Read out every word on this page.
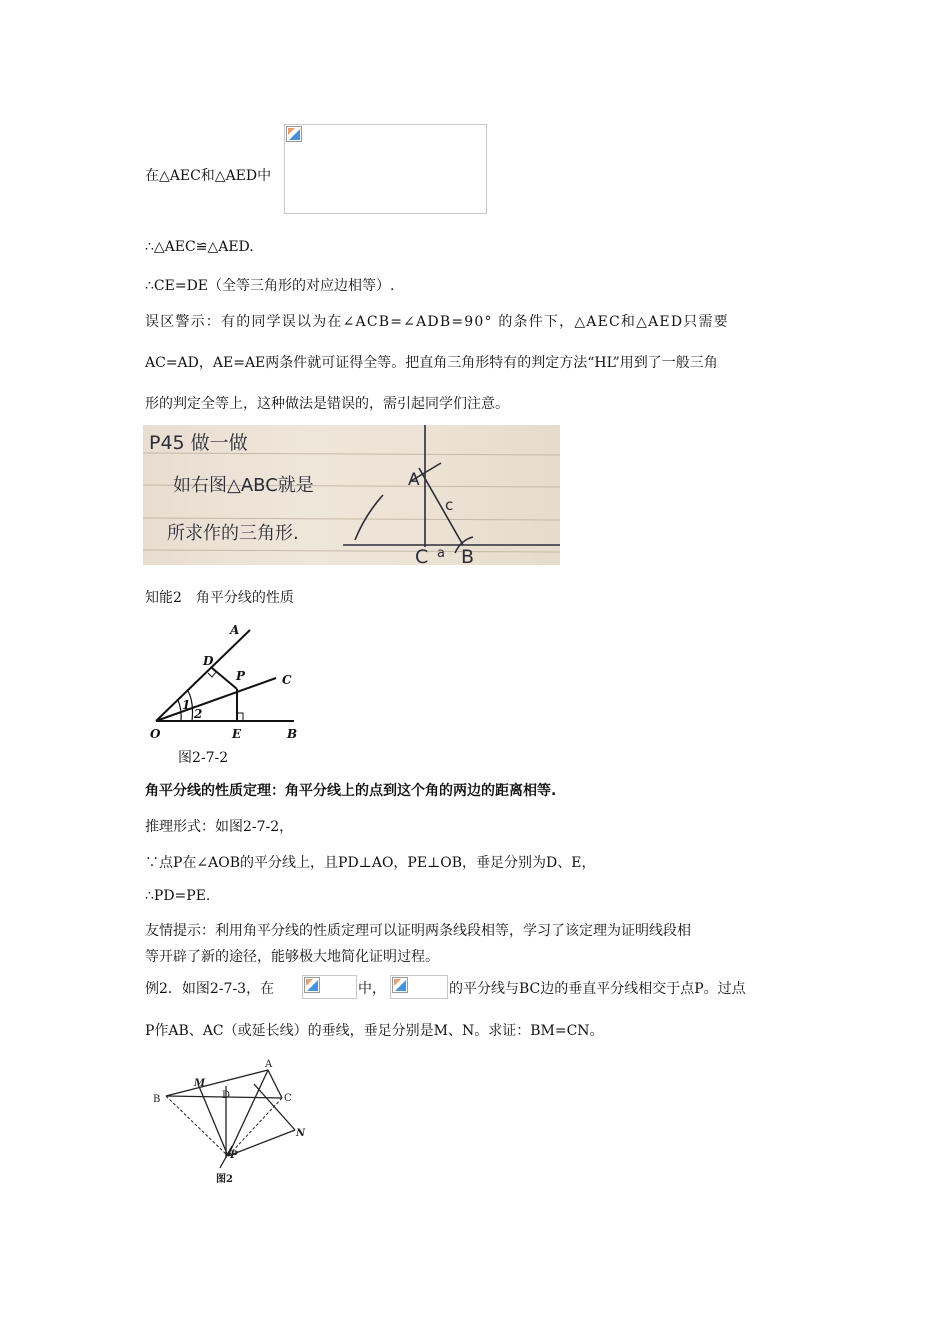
在△AEC和△AED中
∴△AEC≌△AED.
∴CE=DE（全等三角形的对应边相等）.
误区警示：有的同学误以为在∠ACB=∠ADB=90° 的条件下，△AEC和△AED只需要
AC=AD，AE=AE两条件就可证得全等。把直角三角形特有的判定方法“HL”用到了一般三角
形的判定全等上，这种做法是错误的，需引起同学们注意。
P45 做一做
如右图△ABC就是
所求作的三角形.
A
c
C a B
知能2　角平分线的性质
A
D
P	C
1
2
O	E	B
图2-7-2
角平分线的性质定理：角平分线上的点到这个角的两边的距离相等.
推理形式：如图2-7-2，
∵点P在∠AOB的平分线上，且PD⊥AO，PE⊥OB，垂足分别为D、E，
∴PD=PE.
友情提示：利用角平分线的性质定理可以证明两条线段相等，学习了该定理为证明线段相
等开辟了新的途径，能够极大地简化证明过程。
例2．如图2-7-3，在	中，	的平分线与BC边的垂直平分线相交于点P。过点
P作AB、AC（或延长线）的垂线，垂足分别是M、N。求证：BM=CN。
A
M
B	D	C
N
P
图2
